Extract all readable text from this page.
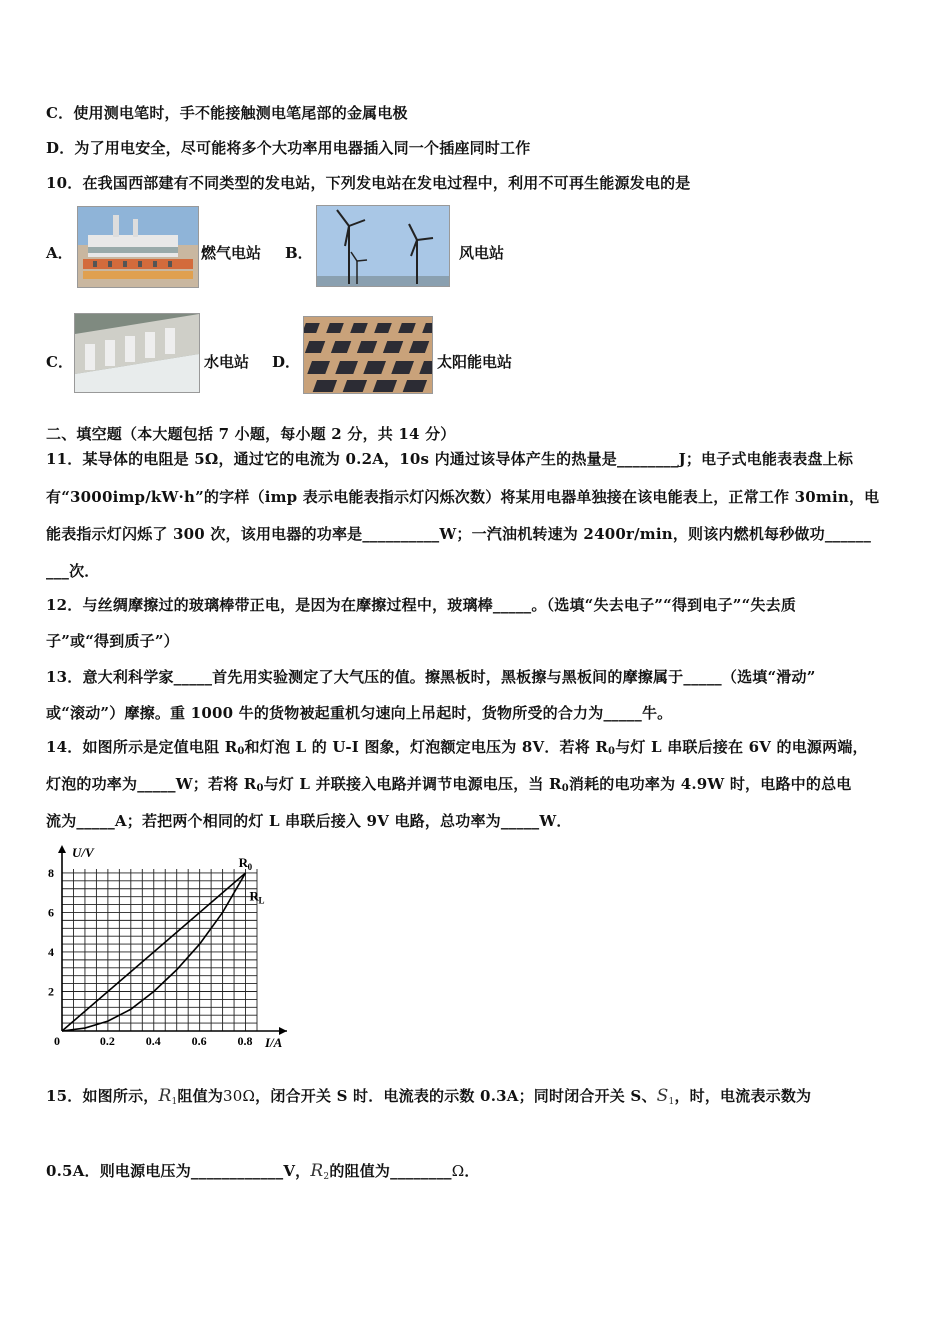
C．使用测电笔时，手不能接触测电笔尾部的金属电极
D．为了用电安全，尽可能将多个大功率用电器插入同一个插座同时工作
10．在我国西部建有不同类型的发电站，下列发电站在发电过程中，利用不可再生能源发电的是
A．	燃气电站 B．	风电站
C．	水电站 D．	太阳能电站
二、填空题（本大题包括 7 小题，每小题 2 分，共 14 分）
11．某导体的电阻是 5Ω，通过它的电流为 0.2A，10s 内通过该导体产生的热量是________J；电子式电能表表盘上标
有“3000imp/kW·h”的字样（imp 表示电能表指示灯闪烁次数）将某用电器单独接在该电能表上，正常工作 30min，电
能表指示灯闪烁了 300 次，该用电器的功率是__________W；一汽油机转速为 2400r/min，则该内燃机每秒做功______
___次．
12．与丝绸摩擦过的玻璃棒带正电，是因为在摩擦过程中，玻璃棒_____。（选填“失去电子”“得到电子”“失去质
子”或“得到质子”）
13．意大利科学家_____首先用实验测定了大气压的值。擦黑板时，黑板擦与黑板间的摩擦属于_____（选填“滑动”
或“滚动”）摩擦。重 1000 牛的货物被起重机匀速向上吊起时，货物所受的合力为_____牛。
14．如图所示是定值电阻 $R_0$和灯泡 L 的 U-I 图象，灯泡额定电压为 8V．若将 $R_0$与灯 L 串联后接在 6V 的电源两端，
灯泡的功率为_____W；若将 $R_0$与灯 L 并联接入电路并调节电源电压，当 $R_0$消耗的电功率为 4.9W 时，电路中的总电
流为_____A；若把两个相同的灯 L 串联后接入 9V 电路，总功率为_____W．
U/V
I/A
0	0.2	0.4	0.6	0.8
2
4
6
8
R 0
R L
15．如图所示，$R_1$阻值为30Ω，闭合开关 S 时．电流表的示数 0.3A；同时闭合开关 S、$S_1$，时，电流表示数为
0.5A．则电源电压为____________V，$R_2$的阻值为________Ω．
